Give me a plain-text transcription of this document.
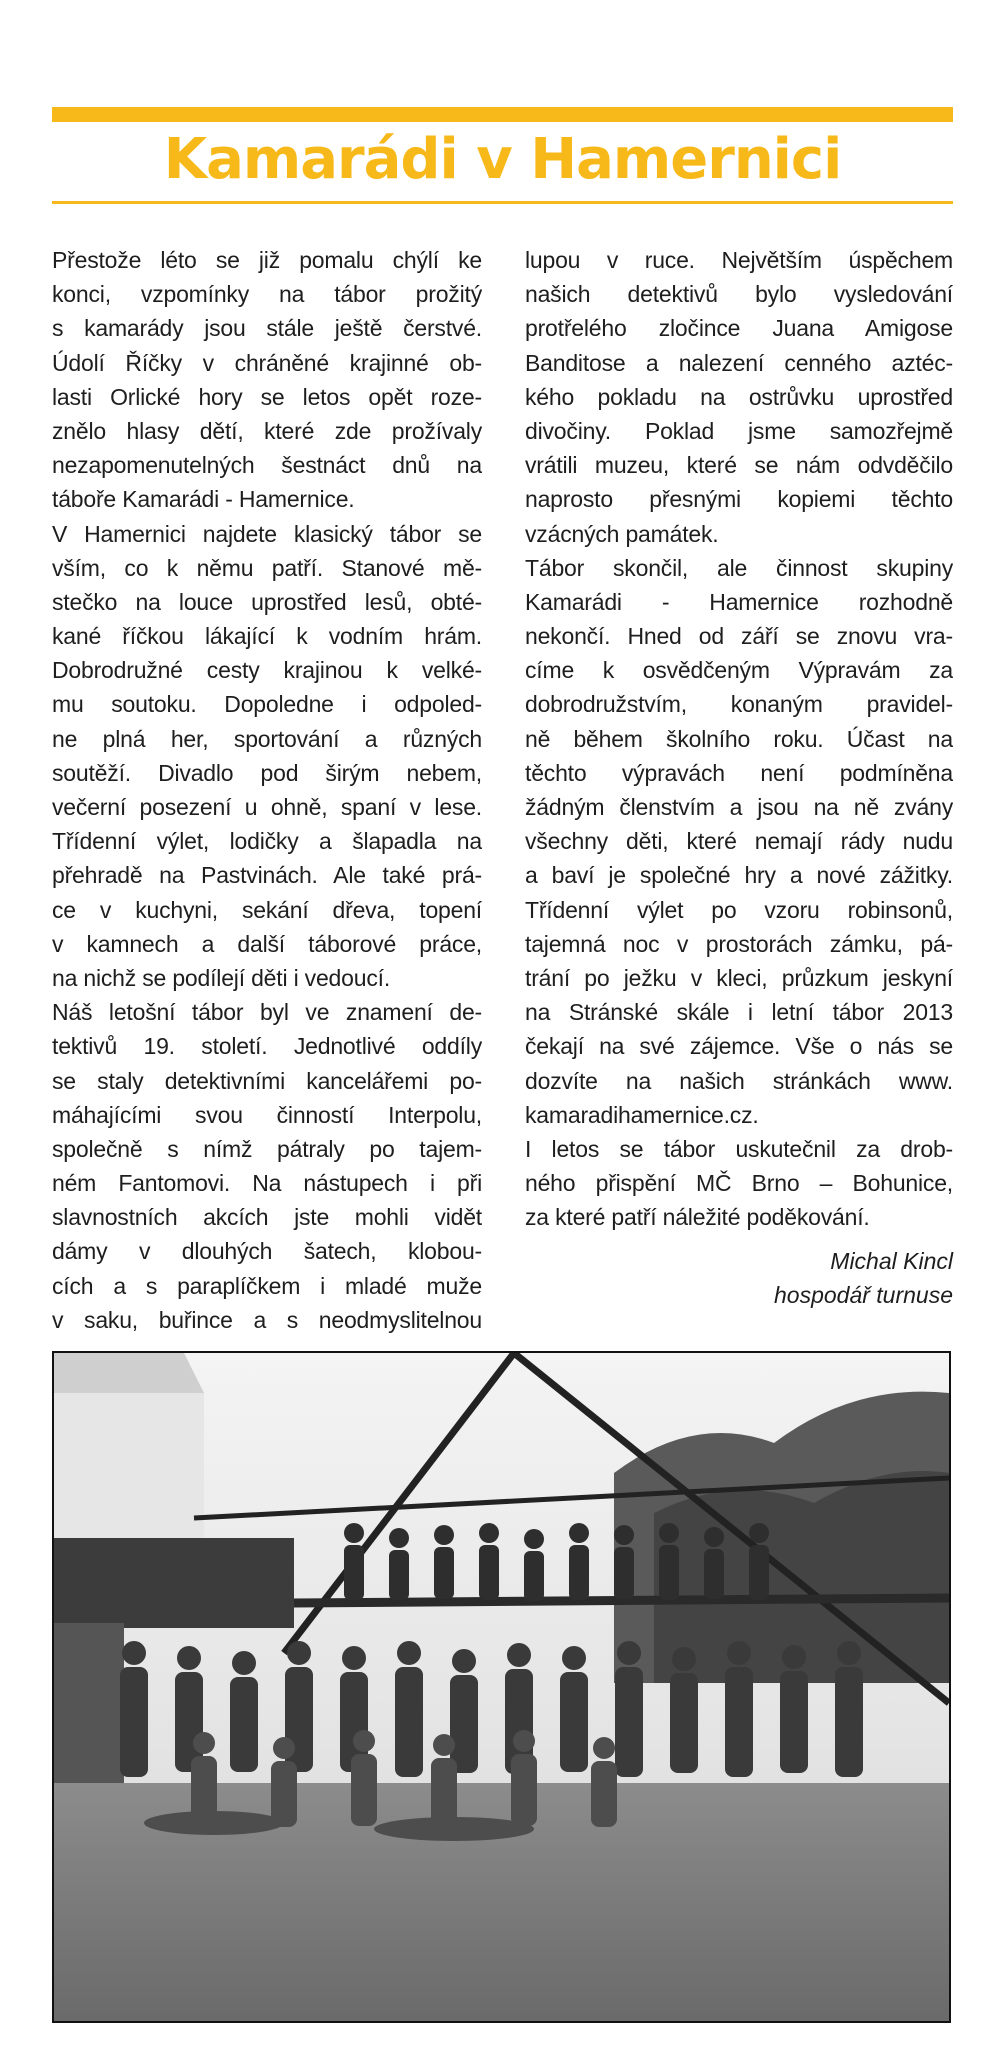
Kamarádi v Hamernici
Přestože léto se již pomalu chýlí ke
konci, vzpomínky na tábor prožitý
s kamarády jsou stále ještě čerstvé.
Údolí Říčky v chráněné krajinné ob-
lasti Orlické hory se letos opět roze-
znělo hlasy dětí, které zde prožívaly
nezapomenutelných šestnáct dnů na
táboře Kamarádi - Hamernice.
V Hamernici najdete klasický tábor se
vším, co k němu patří. Stanové mě-
stečko na louce uprostřed lesů, obté-
kané říčkou lákající k vodním hrám.
Dobrodružné cesty krajinou k velké-
mu soutoku. Dopoledne i odpoled-
ne plná her, sportování a různých
soutěží. Divadlo pod širým nebem,
večerní posezení u ohně, spaní v lese.
Třídenní výlet, lodičky a šlapadla na
přehradě na Pastvinách. Ale také prá-
ce v kuchyni, sekání dřeva, topení
v kamnech a další táborové práce,
na nichž se podílejí děti i vedoucí.
Náš letošní tábor byl ve znamení de-
tektivů 19. století. Jednotlivé oddíly
se staly detektivními kancelářemi po-
máhajícími svou činností Interpolu,
společně s nímž pátraly po tajem-
ném Fantomovi. Na nástupech i při
slavnostních akcích jste mohli vidět
dámy v dlouhých šatech, klobou-
cích a s paraplíčkem i mladé muže
v saku, buřince a s neodmyslitelnou
lupou v ruce. Největším úspěchem
našich detektivů bylo vysledování
protřelého zločince Juana Amigose
Banditose a nalezení cenného aztéc-
kého pokladu na ostrůvku uprostřed
divočiny. Poklad jsme samozřejmě
vrátili muzeu, které se nám odvděčilo
naprosto přesnými kopiemi těchto
vzácných památek.
Tábor skončil, ale činnost skupiny
Kamarádi - Hamernice rozhodně
nekončí. Hned od září se znovu vra-
címe k osvědčeným Výpravám za
dobrodružstvím, konaným pravidel-
ně během školního roku. Účast na
těchto výpravách není podmíněna
žádným členstvím a jsou na ně zvány
všechny děti, které nemají rády nudu
a baví je společné hry a nové zážitky.
Třídenní výlet po vzoru robinsonů,
tajemná noc v prostorách zámku, pá-
trání po ježku v kleci, průzkum jeskyní
na Stránské skále i letní tábor 2013
čekají na své zájemce. Vše o nás se
dozvíte na našich stránkách www.
kamaradihamernice.cz.
I letos se tábor uskutečnil za drob-
ného přispění MČ Brno – Bohunice,
za které patří náležité poděkování.
Michal Kincl
hospodář turnuse
